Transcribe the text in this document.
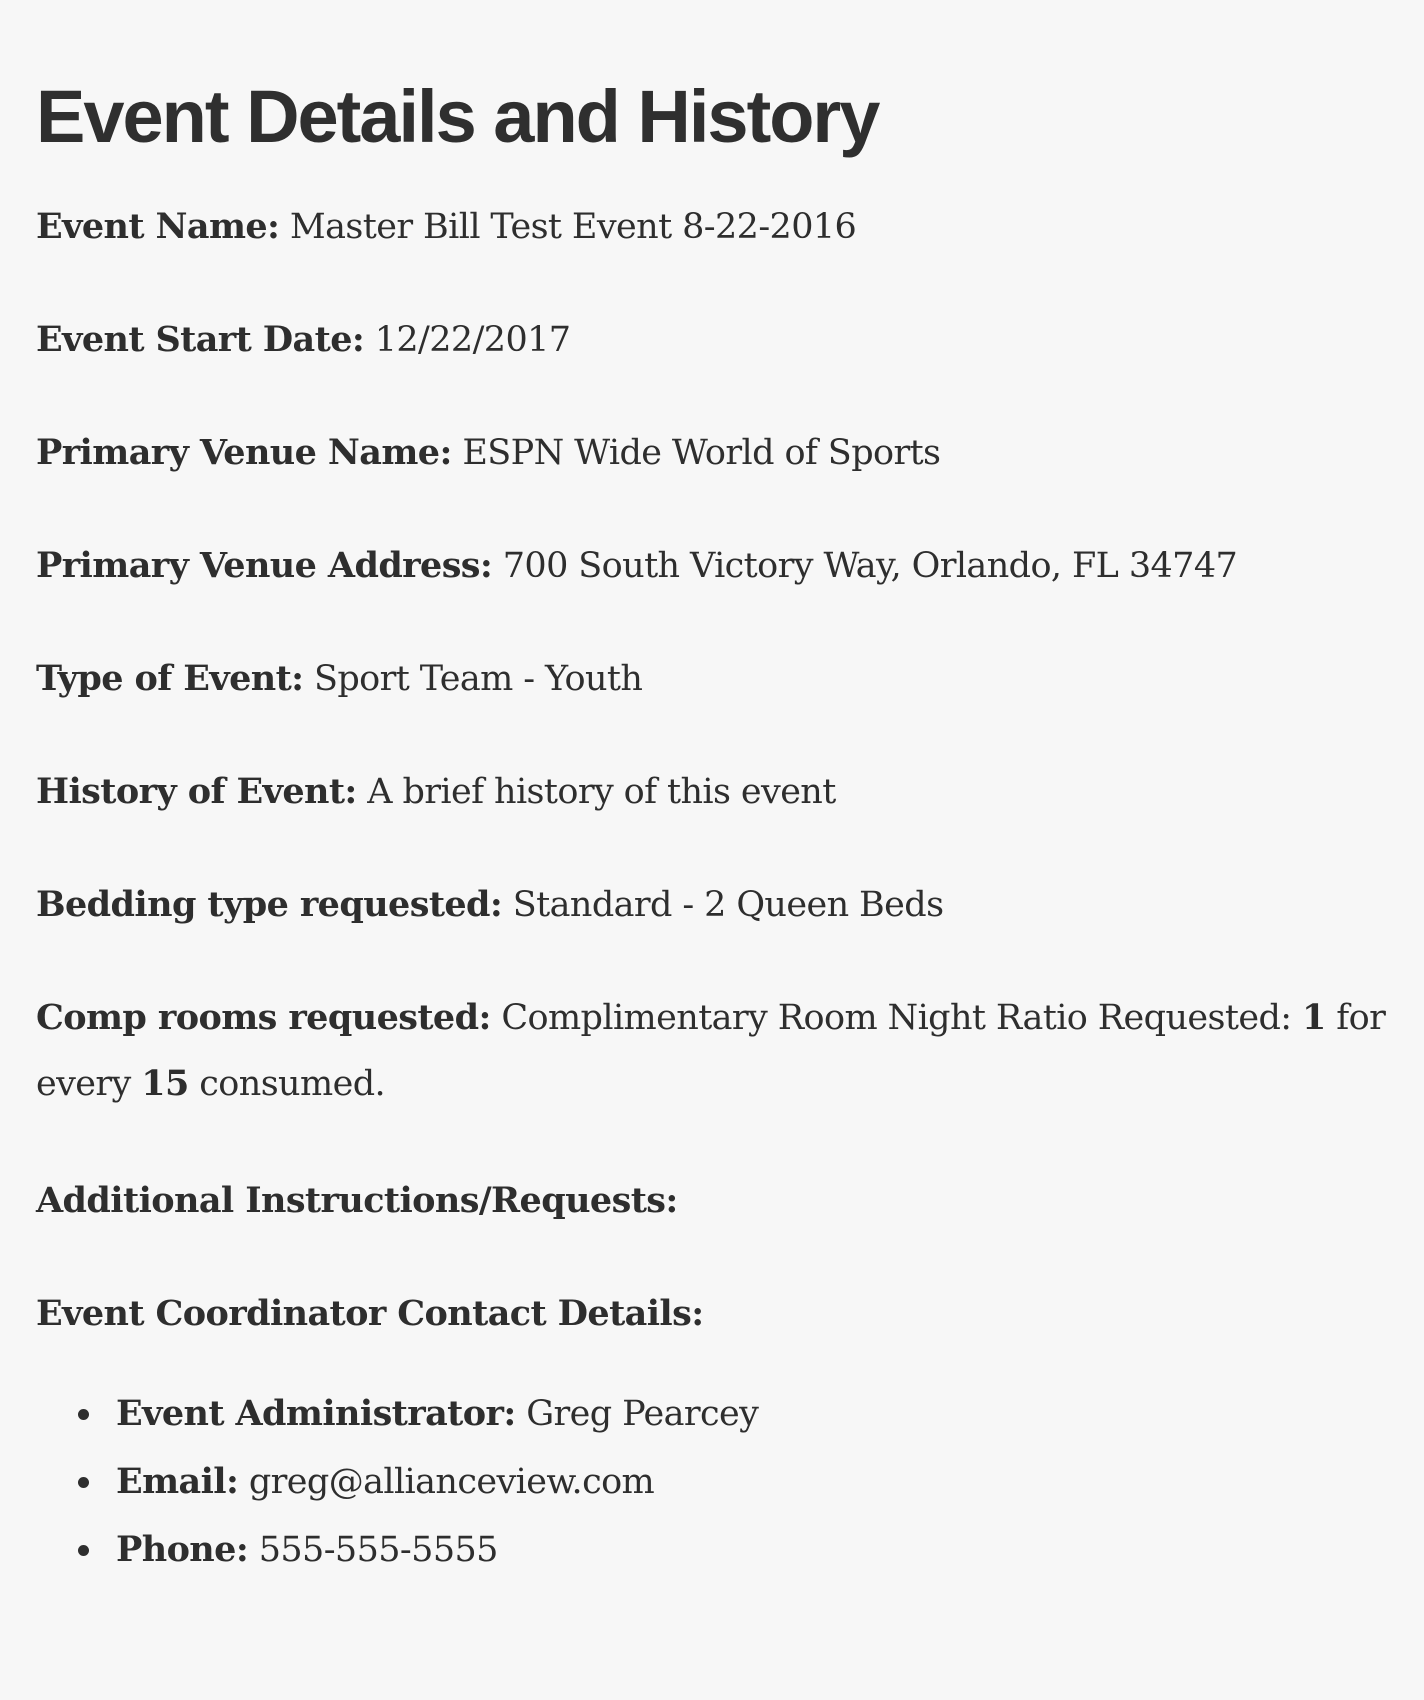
Event Details and History

Event Name: Master Bill Test Event 8-22-2016

Event Start Date: 12/22/2017

Primary Venue Name: ESPN Wide World of Sports

Primary Venue Address: 700 South Victory Way, Orlando, FL 34747

Type of Event: Sport Team - Youth

History of Event: A brief history of this event

Bedding type requested: Standard - 2 Queen Beds

Comp rooms requested: Complimentary Room Night Ratio Requested: 1 for every 15 consumed.

Additional Instructions/Requests:

Event Coordinator Contact Details:

Event Administrator: Greg Pearcey
Email: greg@allianceview.com
Phone: 555-555-5555
